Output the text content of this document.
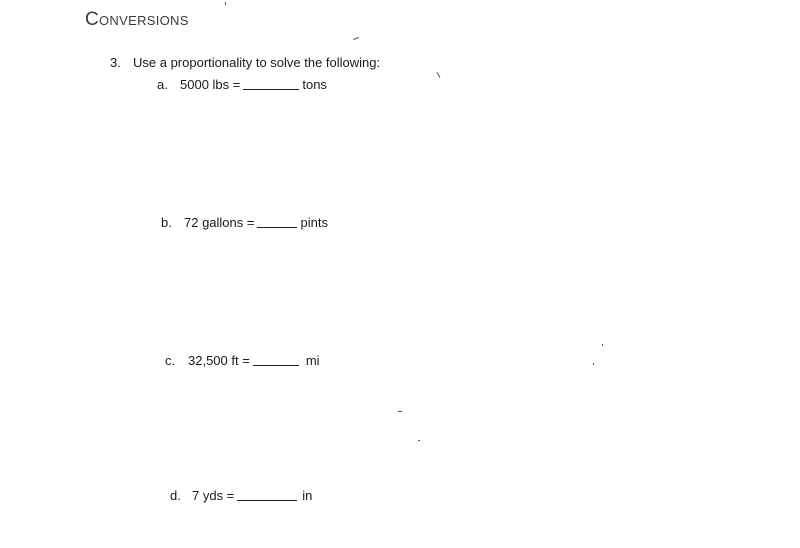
Conversions
3. Use a proportionality to solve the following:
a. 5000 lbs =	tons
b. 72 gallons =	pints
c. 32,500 ft =	mi
d. 7 yds =	in
